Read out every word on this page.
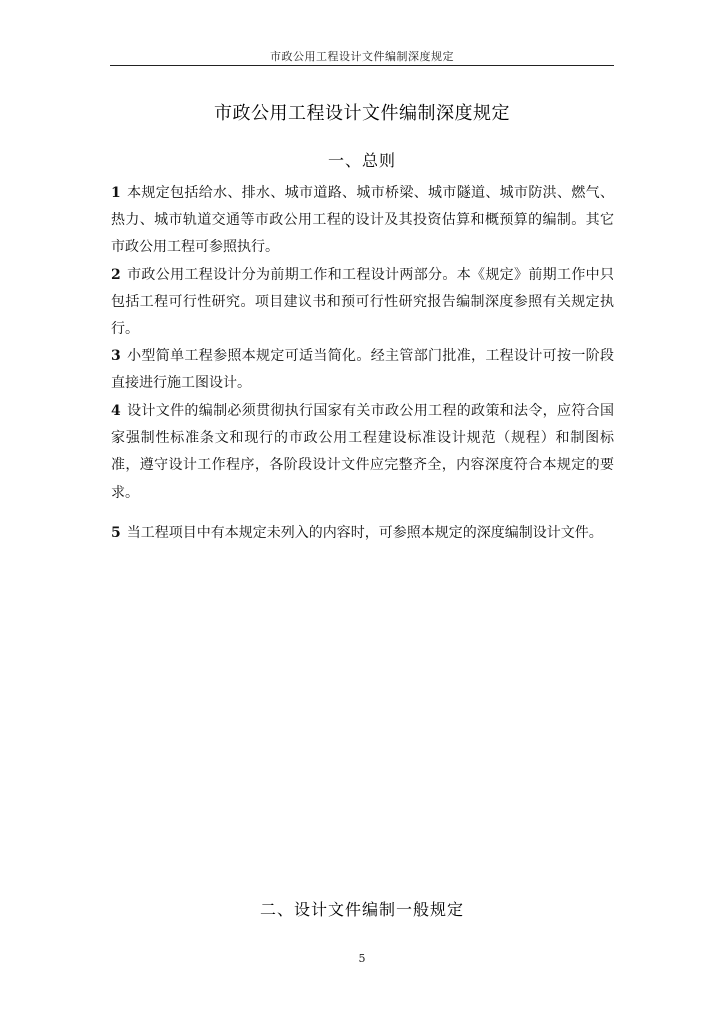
市政公用工程设计文件编制深度规定
市政公用工程设计文件编制深度规定
一、总则
1 本规定包括给水、排水、城市道路、城市桥梁、城市隧道、城市防洪、燃气、热力、城市轨道交通等市政公用工程的设计及其投资估算和概预算的编制。其它市政公用工程可参照执行。
2 市政公用工程设计分为前期工作和工程设计两部分。本《规定》前期工作中只包括工程可行性研究。项目建议书和预可行性研究报告编制深度参照有关规定执行。
3 小型简单工程参照本规定可适当简化。经主管部门批准，工程设计可按一阶段直接进行施工图设计。
4 设计文件的编制必须贯彻执行国家有关市政公用工程的政策和法令，应符合国家强制性标准条文和现行的市政公用工程建设标准设计规范（规程）和制图标准，遵守设计工作程序，各阶段设计文件应完整齐全，内容深度符合本规定的要求。
5 当工程项目中有本规定未列入的内容时，可参照本规定的深度编制设计文件。
二、设计文件编制一般规定
5
